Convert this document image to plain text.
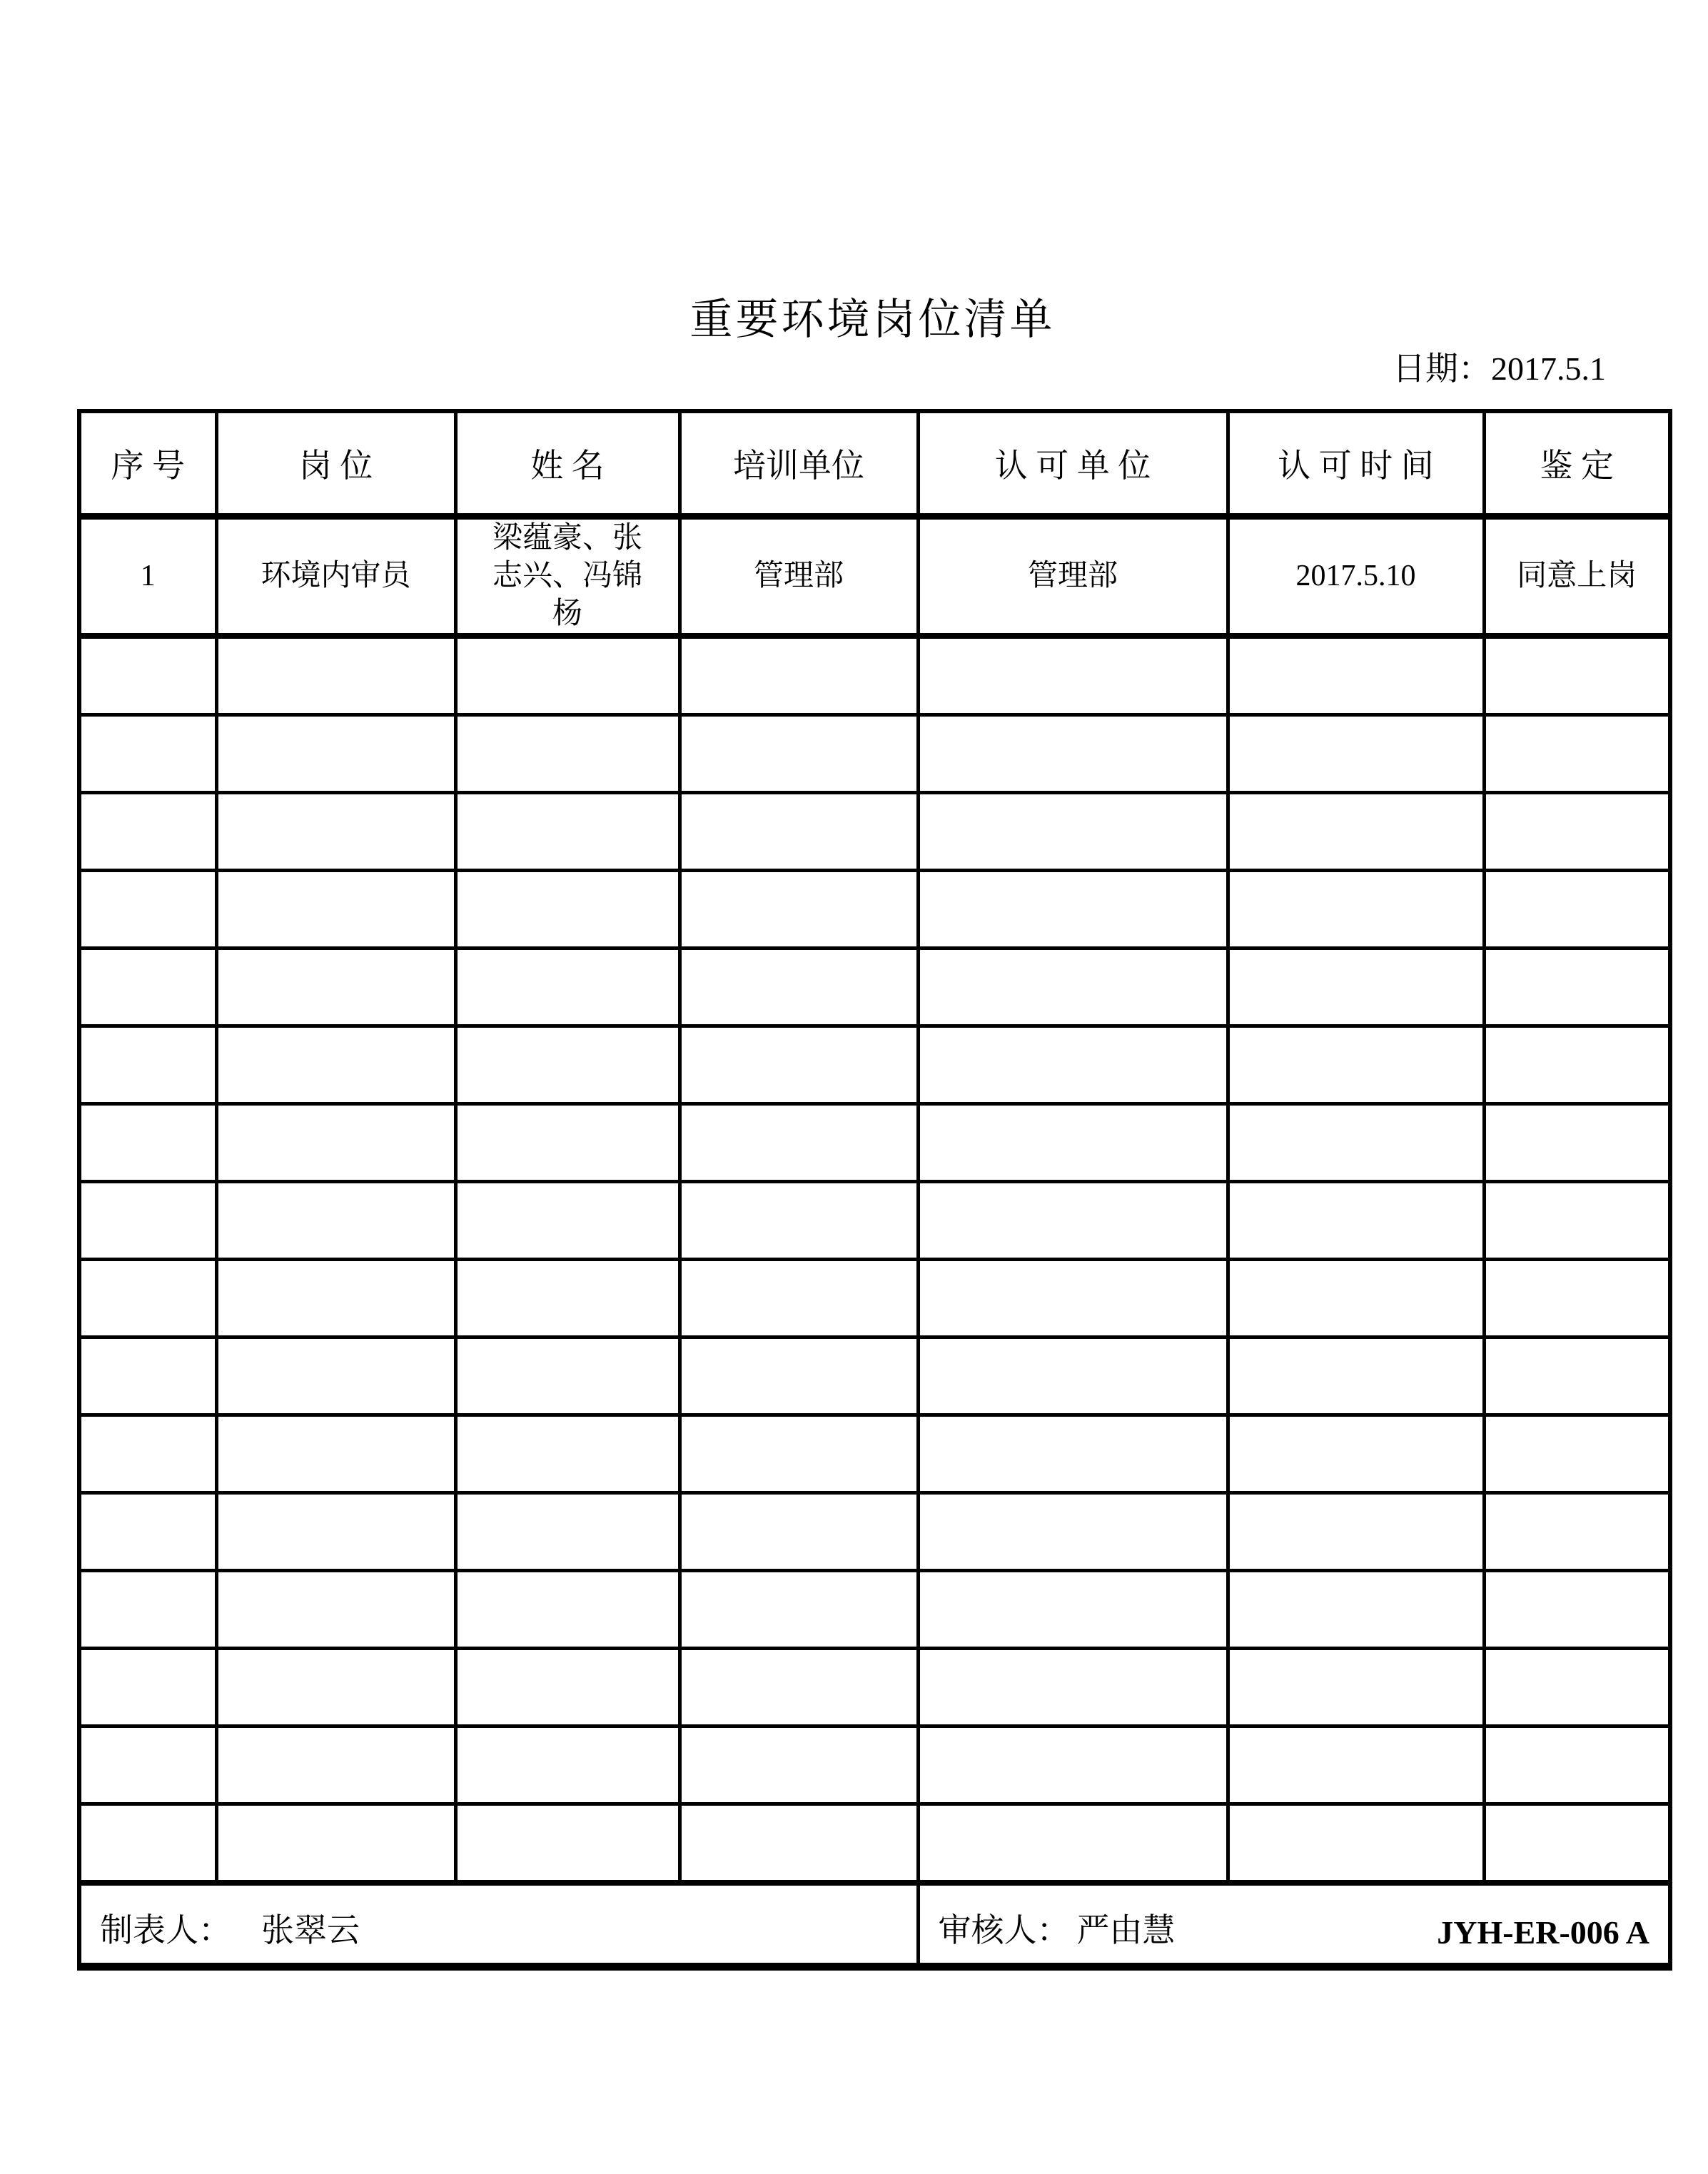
重要环境岗位清单
日期：2017.5.1
序 号	岗 位	姓 名	培训单位	认 可 单 位	认 可 时 间	鉴 定
1	环境内审员	梁蕴豪、张志兴、冯锦杨	管理部	管理部	2017.5.10	同意上岗

制表人： 张翠云				审核人： 严由慧 JYH-ER-006 A		
